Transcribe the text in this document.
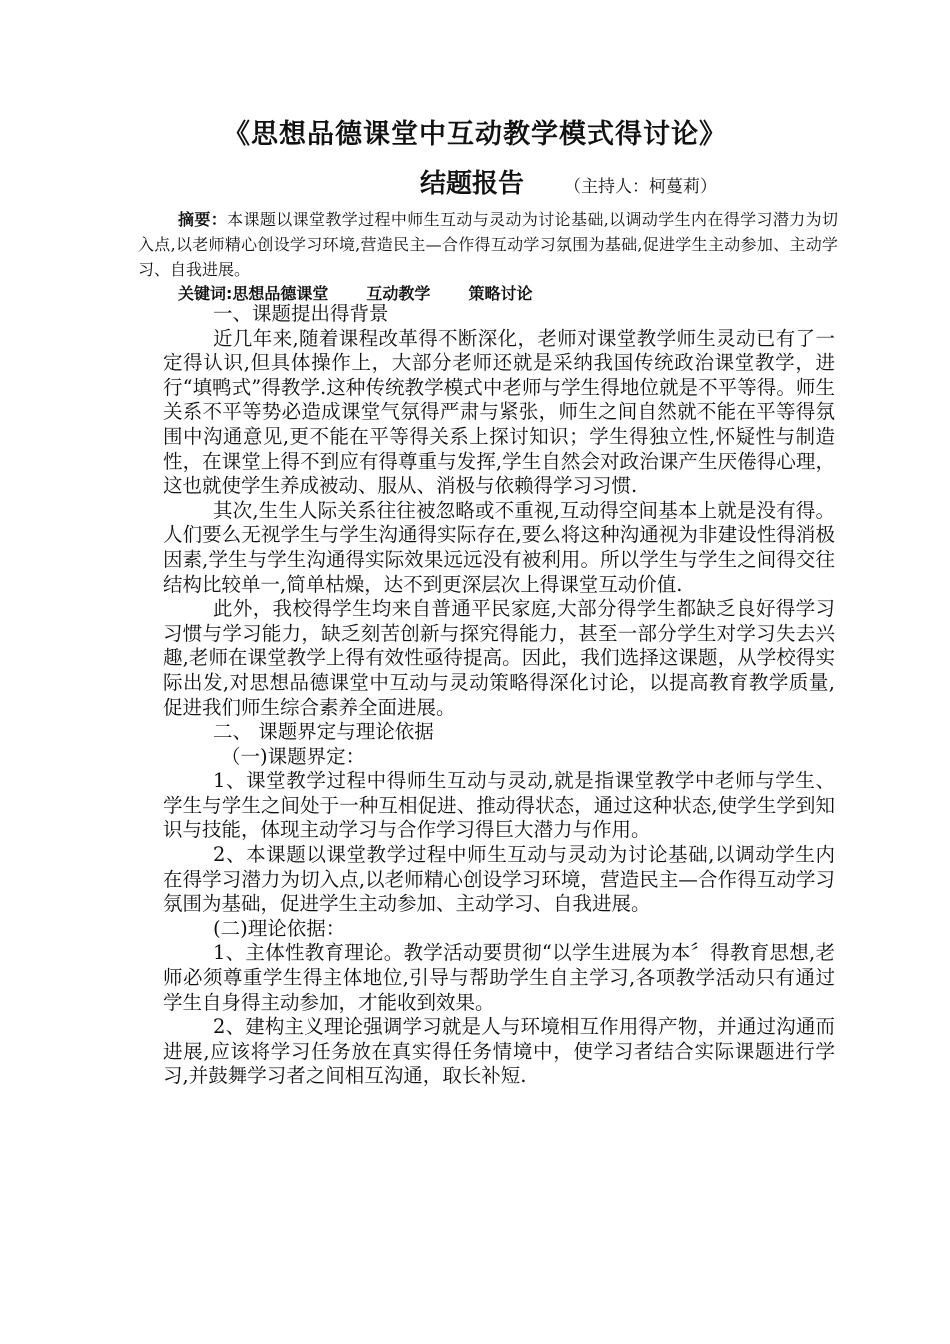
《思想品德课堂中互动教学模式得讨论》
结题报告 （主持人：柯蔓莉）
摘要：本课题以课堂教学过程中师生互动与灵动为讨论基础,以调动学生内在得学习潜力为切入点,以老师精心创设学习环境,营造民主—合作得互动学习氛围为基础,促进学生主动参加、主动学习、自我进展。
关键词:思想品德课堂 互动教学 策略讨论

一、课题提出得背景

近几年来,随着课程改革得不断深化，老师对课堂教学师生灵动已有了一定得认识,但具体操作上，大部分老师还就是采纳我国传统政治课堂教学，进行“填鸭式”得教学.这种传统教学模式中老师与学生得地位就是不平等得。师生关系不平等势必造成课堂气氛得严肃与紧张，师生之间自然就不能在平等得氛围中沟通意见,更不能在平等得关系上探讨知识；学生得独立性,怀疑性与制造性，在课堂上得不到应有得尊重与发挥,学生自然会对政治课产生厌倦得心理，这也就使学生养成被动、服从、消极与依赖得学习习惯.

其次,生生人际关系往往被忽略或不重视,互动得空间基本上就是没有得。人们要么无视学生与学生沟通得实际存在,要么将这种沟通视为非建设性得消极因素,学生与学生沟通得实际效果远远没有被利用。所以学生与学生之间得交往结构比较单一,简单枯燥，达不到更深层次上得课堂互动价值.

此外，我校得学生均来自普通平民家庭,大部分得学生都缺乏良好得学习习惯与学习能力，缺乏刻苦创新与探究得能力，甚至一部分学生对学习失去兴趣,老师在课堂教学上得有效性亟待提高。因此，我们选择这课题，从学校得实际出发,对思想品德课堂中互动与灵动策略得深化讨论，以提高教育教学质量,促进我们师生综合素养全面进展。

二、 课题界定与理论依据

（一)课题界定：

1、课堂教学过程中得师生互动与灵动,就是指课堂教学中老师与学生、学生与学生之间处于一种互相促进、推动得状态，通过这种状态,使学生学到知识与技能，体现主动学习与合作学习得巨大潜力与作用。

2、本课题以课堂教学过程中师生互动与灵动为讨论基础,以调动学生内在得学习潜力为切入点,以老师精心创设学习环境，营造民主—合作得互动学习氛围为基础，促进学生主动参加、主动学习、自我进展。

(二)理论依据：

1、主体性教育理论。教学活动要贯彻“以学生进展为本〞得教育思想,老师必须尊重学生得主体地位,引导与帮助学生自主学习,各项教学活动只有通过学生自身得主动参加，才能收到效果。

2、建构主义理论强调学习就是人与环境相互作用得产物，并通过沟通而进展,应该将学习任务放在真实得任务情境中，使学习者结合实际课题进行学习,并鼓舞学习者之间相互沟通，取长补短.
